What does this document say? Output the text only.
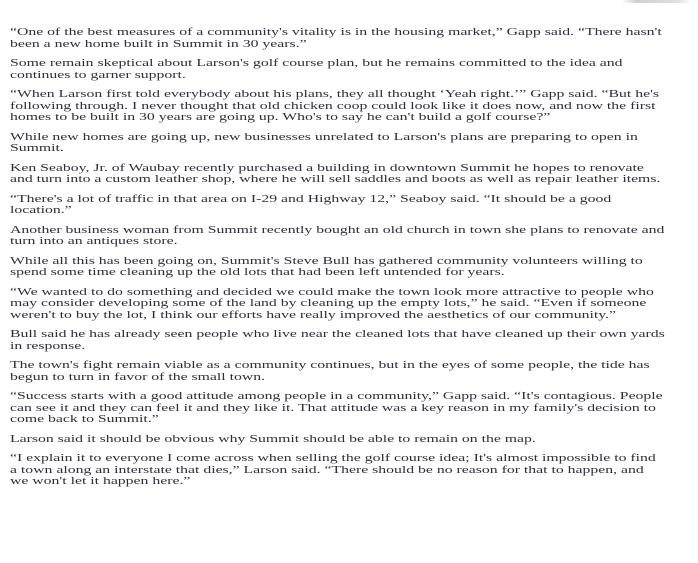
“One of the best measures of a community's vitality is in the housing market,” Gapp said. “There hasn't
been a new home built in Summit in 30 years.”

Some remain skeptical about Larson's golf course plan, but he remains committed to the idea and
continues to garner support.

“When Larson first told everybody about his plans, they all thought ‘Yeah right.’” Gapp said. “But he's
following through. I never thought that old chicken coop could look like it does now, and now the first
homes to be built in 30 years are going up. Who's to say he can't build a golf course?”

While new homes are going up, new businesses unrelated to Larson's plans are preparing to open in
Summit.

Ken Seaboy, Jr. of Waubay recently purchased a building in downtown Summit he hopes to renovate
and turn into a custom leather shop, where he will sell saddles and boots as well as repair leather items.

“There's a lot of traffic in that area on I-29 and Highway 12,” Seaboy said. “It should be a good
location.”

Another business woman from Summit recently bought an old church in town she plans to renovate and
turn into an antiques store.

While all this has been going on, Summit's Steve Bull has gathered community volunteers willing to
spend some time cleaning up the old lots that had been left untended for years.

“We wanted to do something and decided we could make the town look more attractive to people who
may consider developing some of the land by cleaning up the empty lots,” he said. “Even if someone
weren't to buy the lot, I think our efforts have really improved the aesthetics of our community.”

Bull said he has already seen people who live near the cleaned lots that have cleaned up their own yards
in response.

The town's fight remain viable as a community continues, but in the eyes of some people, the tide has
begun to turn in favor of the small town.

“Success starts with a good attitude among people in a community,” Gapp said. “It's contagious. People
can see it and they can feel it and they like it. That attitude was a key reason in my family's decision to
come back to Summit.”

Larson said it should be obvious why Summit should be able to remain on the map.

“I explain it to everyone I come across when selling the golf course idea; It's almost impossible to find
a town along an interstate that dies,” Larson said. “There should be no reason for that to happen, and
we won't let it happen here.”
